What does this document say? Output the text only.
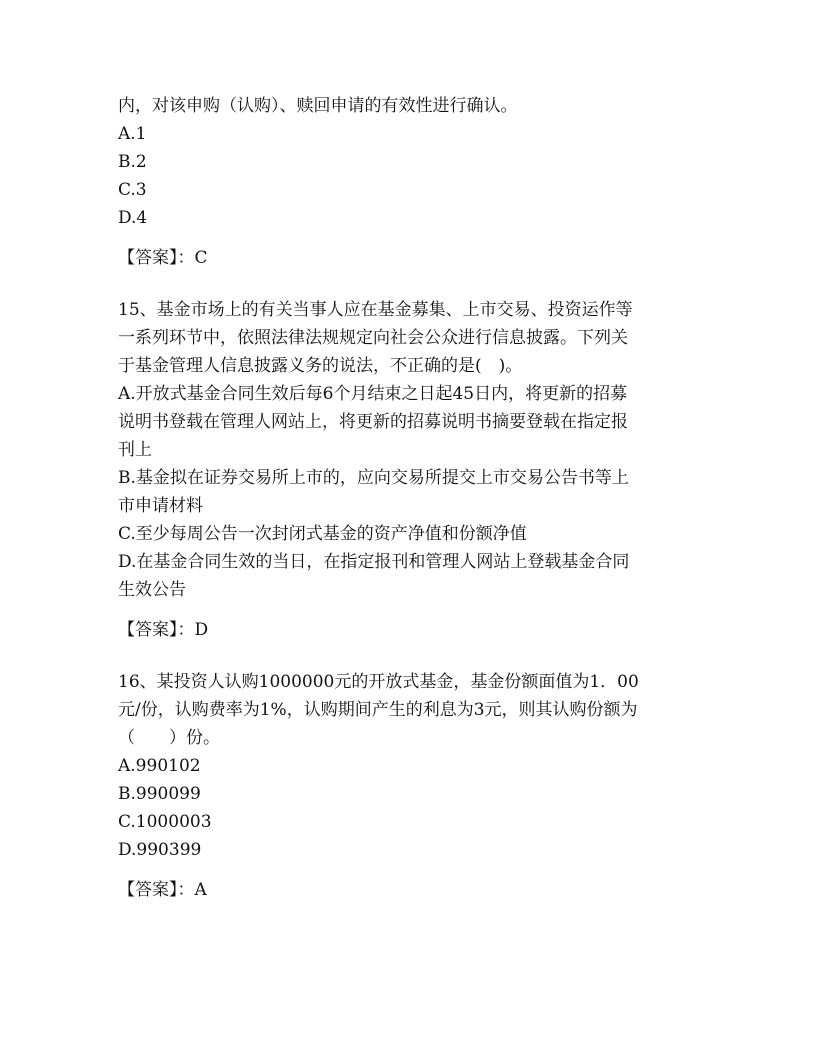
内，对该申购（认购）、赎回申请的有效性进行确认。
A.1
B.2
C.3
D.4
【答案】：C
15、基金市场上的有关当事人应在基金募集、上市交易、投资运作等
一系列环节中，依照法律法规规定向社会公众进行信息披露。下列关
于基金管理人信息披露义务的说法，不正确的是(　)。
A.开放式基金合同生效后每6个月结束之日起45日内，将更新的招募
说明书登载在管理人网站上，将更新的招募说明书摘要登载在指定报
刊上
B.基金拟在证券交易所上市的，应向交易所提交上市交易公告书等上
市申请材料
C.至少每周公告一次封闭式基金的资产净值和份额净值
D.在基金合同生效的当日，在指定报刊和管理人网站上登载基金合同
生效公告
【答案】：D
16、某投资人认购1000000元的开放式基金，基金份额面值为1．00
元/份，认购费率为1%，认购期间产生的利息为3元，则其认购份额为
（　　）份。
A.990102
B.990099
C.1000003
D.990399
【答案】：A
